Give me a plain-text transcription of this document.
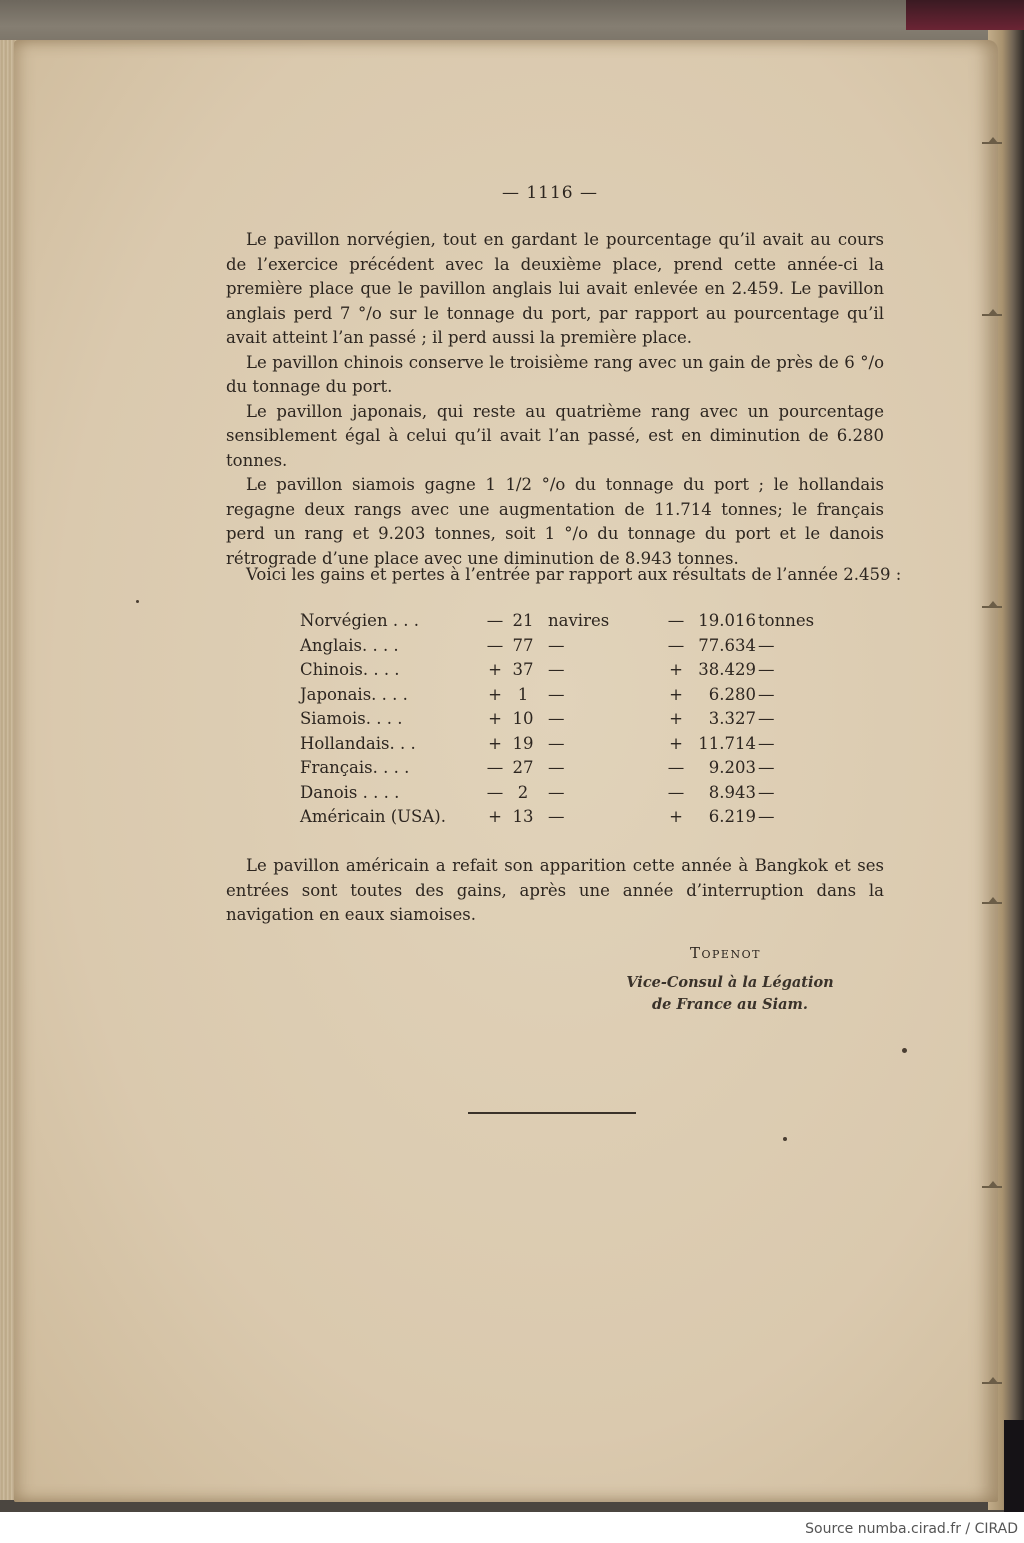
— 1116 —

Le pavillon norvégien, tout en gardant le pourcentage qu’il avait au cours de l’exercice précédent avec la deuxième place, prend cette année-ci la première place que le pavillon anglais lui avait enlevée en 2.459. Le pavillon anglais perd 7 °/o sur le tonnage du port, par rapport au pourcentage qu’il avait atteint l’an passé ; il perd aussi la première place.

Le pavillon chinois conserve le troisième rang avec un gain de près de 6 °/o du tonnage du port.

Le pavillon japonais, qui reste au quatrième rang avec un pourcentage sensiblement égal à celui qu’il avait l’an passé, est en diminution de 6.280 tonnes.

Le pavillon siamois gagne 1 1/2 °/o du tonnage du port ; le hollandais regagne deux rangs avec une augmentation de 11.714 tonnes; le français perd un rang et 9.203 tonnes, soit 1 °/o du tonnage du port et le danois rétrograde d’une place avec une diminution de 8.943 tonnes.

Voici les gains et pertes à l’entrée par rapport aux résultats de l’année 2.459 :
Norvégien . . .	— 21 navires	— 19.016 tonnes
Anglais. . . .	— 77 —	— 77.634 —
Chinois. . . .	+ 37 —	+ 38.429 —
Japonais. . . .	+ 1	—	+	6.280 —
Siamois. . . .	+ 10 —	+	3.327 —
Hollandais. . .	+ 19 —	+ 11.714 —
Français. . . .	— 27 —	—	9.203 —
Danois . . . .	— 2	—	—	8.943 —
Américain (USA).	+ 13 —	+	6.219 —

Le pavillon américain a refait son apparition cette année à Bangkok et ses entrées sont toutes des gains, après une année d’interruption dans la navigation en eaux siamoises.

Topenot
Vice-Consul à la Légation
de France au Siam.
Source numba.cirad.fr / CIRAD
